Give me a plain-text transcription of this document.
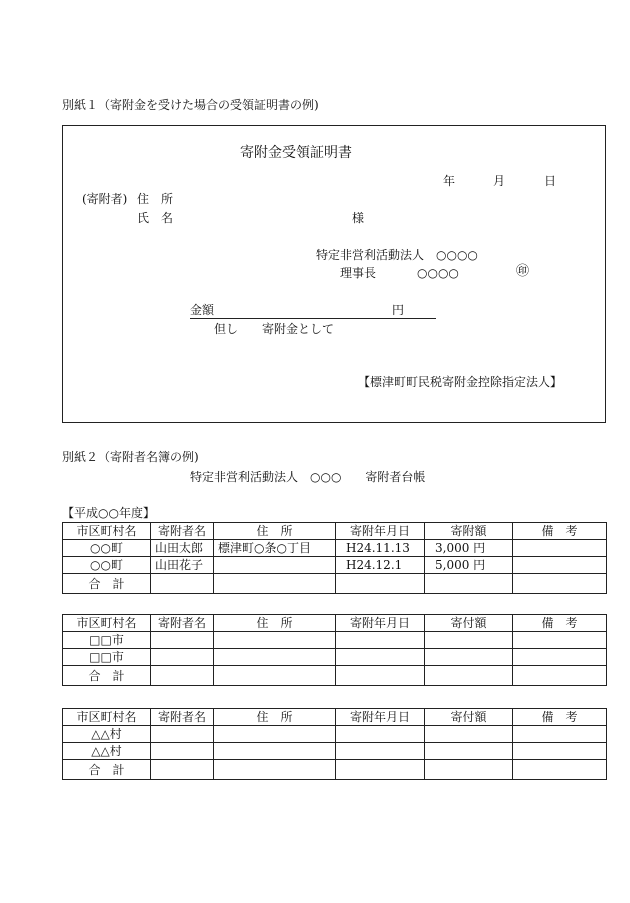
別紙１（寄附金を受けた場合の受領証明書の例)
寄附金受領証明書
年	月	日
(寄附者) 住　所
氏　名	様
特定非営利活動法人　○○○○
理事長	○○○○	㊞
金額	円
但し　　寄附金として
【標津町町民税寄附金控除指定法人】
別紙２（寄附者名簿の例)
特定非営利活動法人　○○○　　寄附者台帳
【平成○○年度】
市区町村名	寄附者名	住　所	寄附年月日	寄附額	備　考
○○町	山田太郎	標津町○条○丁目	H24.11.13	3,000 円	
○○町	山田花子		H24.12.1	5,000 円	
合　計					
市区町村名	寄附者名	住　所	寄附年月日	寄付額	備　考
□□市					
□□市					
合　計					
市区町村名	寄附者名	住　所	寄附年月日	寄付額	備　考
△△村					
△△村					
合　計					
